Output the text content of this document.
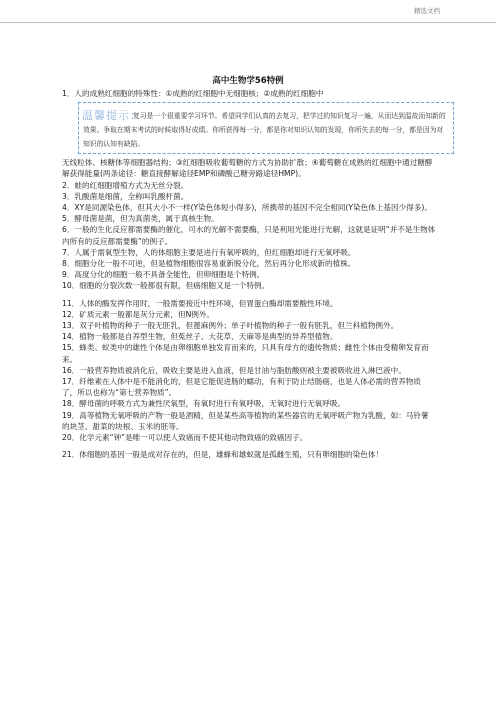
精选文档
高中生物学56特例

1．人的成熟红细胞的特殊性：①成熟的红细胞中无细胞核；②成熟的红细胞中

温馨提示：
复习是一个很重要学习环节。希望同学们认真的去复习，把学过的知识复习一遍，从而达到温故而知新的效果。争取在期末考试的时候取得好成绩。你所获得每一分，都是你对知识认知的发现，你所失去的每一分，都是因为对知识的认知有缺陷。

无线粒体、核糖体等细胞器结构；③红细胞吸收葡萄糖的方式为协助扩散；④葡萄糖在成熟的红细胞中通过糖酵解获得能量(两条途径：糖直接酵解途径EMP和磷酸己糖旁路途径HMP)。

2．蛙的红细胞增殖方式为无丝分裂。

3．乳酸菌是细菌，全称叫乳酸杆菌。

4．XY是同源染色体，但其大小不一样(Y染色体短小得多)，所携带的基因不完全相同(Y染色体上基因少得多)。

5．酵母菌是菌，但为真菌类，属于真核生物。

6．一般的生化反应都需要酶的催化，可水的光解不需要酶，只是利用光能进行光解，这就是证明“并不是生物体内所有的反应都需要酶”的例子。

7．人属于需氧型生物，人的体细胞主要是进行有氧呼吸的，但红细胞却进行无氧呼吸。

8．细胞分化一般不可逆，但是植物细胞很容易重新脱分化，然后再分化形成新的植株。

9．高度分化的细胞一般不具备全能性，但卵细胞是个特例。

10．细胞的分裂次数一般都很有限，但癌细胞又是一个特例。

11．人体的酶发挥作用时，一般需要接近中性环境，但胃蛋白酶却需要酸性环境。

12．矿质元素一般都是灰分元素，但N例外。

13．双子叶植物的种子一般无胚乳，但蓖麻例外；单子叶植物的种子一般有胚乳，但兰科植物例外。

14．植物一般都是自养型生物，但菟丝子、大花草、天麻等是典型的异养型植物。

15．蜂类、蚁类中的雄性个体是由卵细胞单独发育而来的，只具有母方的遗传物质；雌性个体由受精卵发育而来。

16．一般营养物质被消化后，吸收主要是进入血液，但是甘油与脂肪酸则被主要被吸收进入淋巴液中。

17．纤维素在人体中是不能消化的，但是它能促进肠的蠕动，有利于防止结肠癌，也是人体必需的营养物质了，所以也称为“第七营养物质”。

18．酵母菌的呼吸方式为兼性厌氧型，有氧时进行有氧呼吸，无氧时进行无氧呼吸。

19．高等植物无氧呼吸的产物一般是酒精，但是某些高等植物的某些器官的无氧呼吸产物为乳酸，如：马铃薯的块茎、甜菜的块根、玉米的胚等。

20．化学元素“钟”是唯一可以使人致癌而不使其他动物致癌的致癌因子。

21．体细胞的基因一般是成对存在的，但是，雄蜂和雄蚁就是孤雌生殖，只有卵细胞的染色体！
